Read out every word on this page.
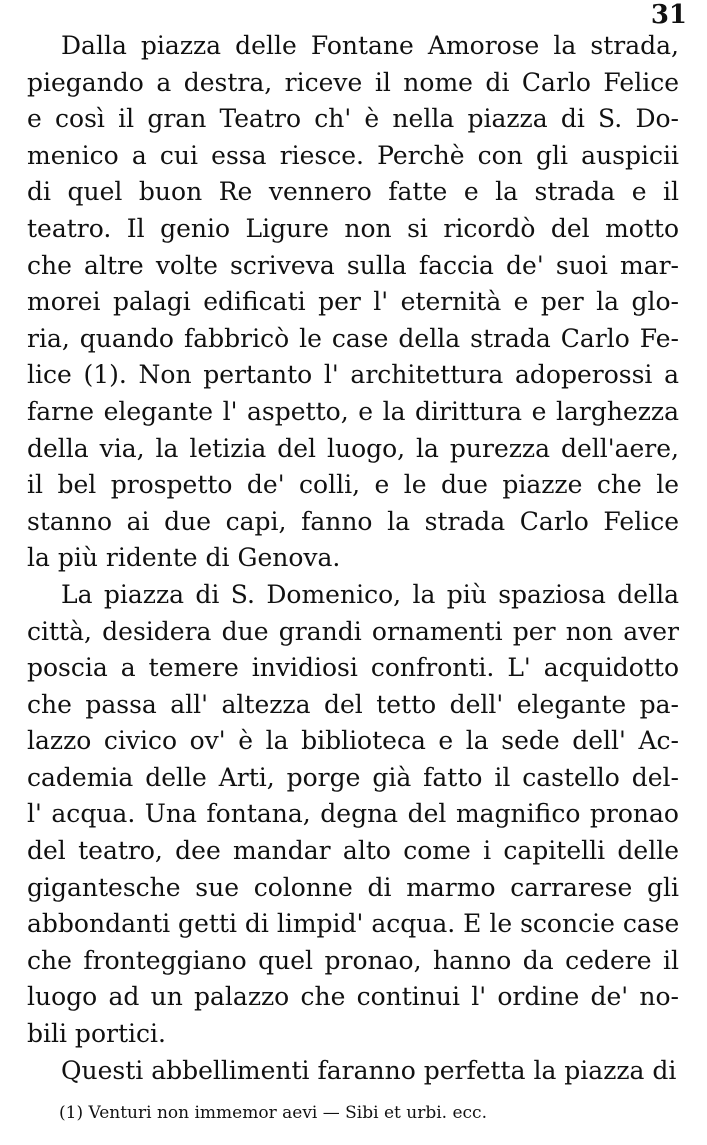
31
Dalla piazza delle Fontane Amorose la strada,
piegando a destra, riceve il nome di Carlo Felice
e così il gran Teatro ch' è nella piazza di S. Do-
menico a cui essa riesce. Perchè con gli auspicii
di quel buon Re vennero fatte e la strada e il
teatro. Il genio Ligure non si ricordò del motto
che altre volte scriveva sulla faccia de' suoi mar-
morei palagi edificati per l' eternità e per la glo-
ria, quando fabbricò le case della strada Carlo Fe-
lice (1). Non pertanto l' architettura adoperossi a
farne elegante l' aspetto, e la dirittura e larghezza
della via, la letizia del luogo, la purezza dell'aere,
il bel prospetto de' colli, e le due piazze che le
stanno ai due capi, fanno la strada Carlo Felice
la più ridente di Genova.
La piazza di S. Domenico, la più spaziosa della
città, desidera due grandi ornamenti per non aver
poscia a temere invidiosi confronti. L' acquidotto
che passa all' altezza del tetto dell' elegante pa-
lazzo civico ov' è la biblioteca e la sede dell' Ac-
cademia delle Arti, porge già fatto il castello del-
l' acqua. Una fontana, degna del magnifico pronao
del teatro, dee mandar alto come i capitelli delle
gigantesche sue colonne di marmo carrarese gli
abbondanti getti di limpid' acqua. E le sconcie case
che fronteggiano quel pronao, hanno da cedere il
luogo ad un palazzo che continui l' ordine de' no-
bili portici.
Questi abbellimenti faranno perfetta la piazza di
(1) Venturi non immemor aevi — Sibi et urbi. ecc.
